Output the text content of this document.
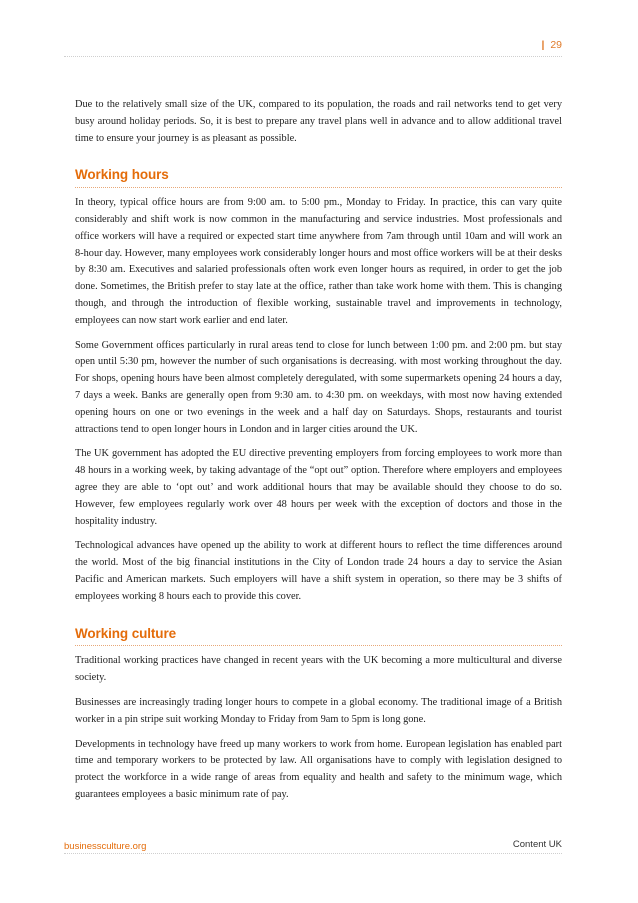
| 29

Due to the relatively small size of the UK, compared to its population, the roads and rail networks tend to get very busy around holiday periods. So, it is best to prepare any travel plans well in advance and to allow additional travel time to ensure your journey is as pleasant as possible.

Working hours

In theory, typical office hours are from 9:00 am. to 5:00 pm., Monday to Friday. In practice, this can vary quite considerably and shift work is now common in the manufacturing and service industries. Most professionals and office workers will have a required or expected start time anywhere from 7am through until 10am and will work an 8-hour day. However, many employees work considerably longer hours and most office workers will be at their desks by 8:30 am. Executives and salaried professionals often work even longer hours as required, in order to get the job done. Sometimes, the British prefer to stay late at the office, rather than take work home with them. This is changing though, and through the introduction of flexible working, sustainable travel and improvements in technology, employees can now start work earlier and end later.

Some Government offices particularly in rural areas tend to close for lunch between 1:00 pm. and 2:00 pm. but stay open until 5:30 pm, however the number of such organisations is decreasing. with most working throughout the day. For shops, opening hours have been almost completely deregulated, with some supermarkets opening 24 hours a day, 7 days a week. Banks are generally open from 9:30 am. to 4:30 pm. on weekdays, with most now having extended opening hours on one or two evenings in the week and a half day on Saturdays. Shops, restaurants and tourist attractions tend to open longer hours in London and in larger cities around the UK.

The UK government has adopted the EU directive preventing employers from forcing employees to work more than 48 hours in a working week, by taking advantage of the “opt out” option. Therefore where employers and employees agree they are able to ‘opt out’ and work additional hours that may be available should they choose to do so. However, few employees regularly work over 48 hours per week with the exception of doctors and those in the hospitality industry.

Technological advances have opened up the ability to work at different hours to reflect the time differences around the world. Most of the big financial institutions in the City of London trade 24 hours a day to service the Asian Pacific and American markets. Such employers will have a shift system in operation, so there may be 3 shifts of employees working 8 hours each to provide this cover.

Working culture

Traditional working practices have changed in recent years with the UK becoming a more multicultural and diverse society.

Businesses are increasingly trading longer hours to compete in a global economy. The traditional image of a British worker in a pin stripe suit working Monday to Friday from 9am to 5pm is long gone.

Developments in technology have freed up many workers to work from home. European legislation has enabled part time and temporary workers to be protected by law. All organisations have to comply with legislation designed to protect the workforce in a wide range of areas from equality and health and safety to the minimum wage, which guarantees employees a basic minimum rate of pay.

businessculture.org	Content UK
